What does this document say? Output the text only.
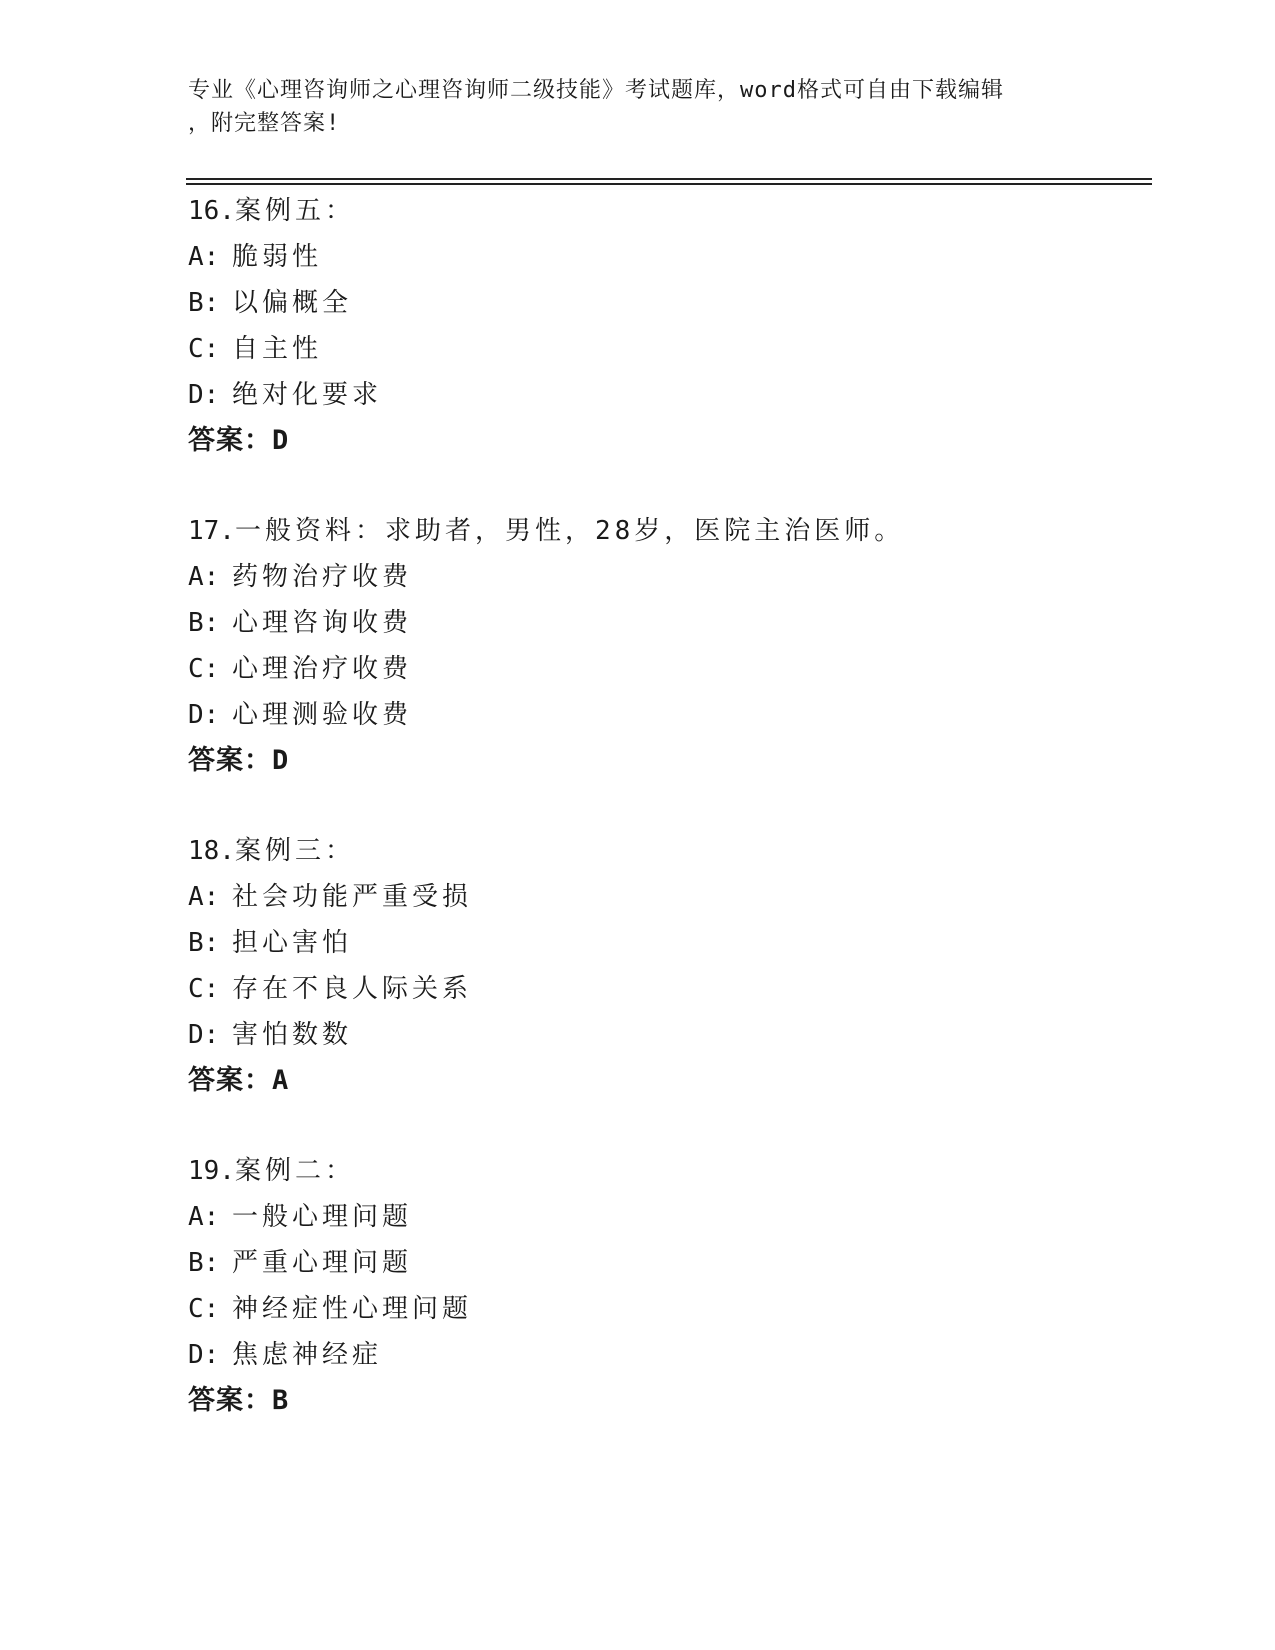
专业《心理咨询师之心理咨询师二级技能》考试题库，word格式可自由下载编辑
，附完整答案!
16.案例五：
A: 脆弱性
B: 以偏概全
C: 自主性
D: 绝对化要求
答案：D
17.一般资料：求助者，男性，28岁，医院主治医师。
A: 药物治疗收费
B: 心理咨询收费
C: 心理治疗收费
D: 心理测验收费
答案：D
18.案例三：
A: 社会功能严重受损
B: 担心害怕
C: 存在不良人际关系
D: 害怕数数
答案：A
19.案例二：
A: 一般心理问题
B: 严重心理问题
C: 神经症性心理问题
D: 焦虑神经症
答案：B
